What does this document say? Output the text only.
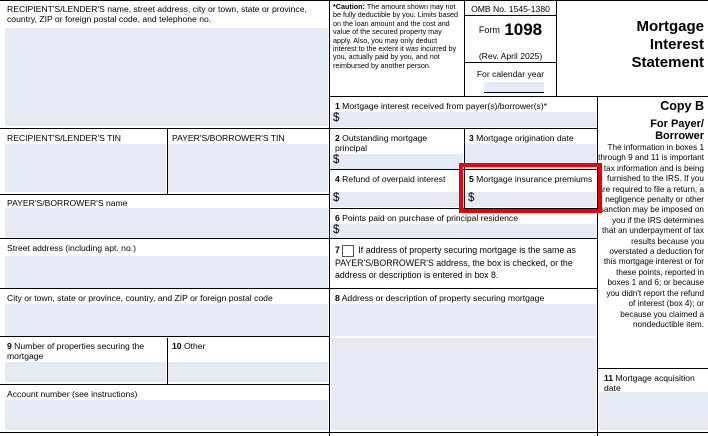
RECIPIENT'S/LENDER'S name, street address, city or town, state or province, country, ZIP or foreign postal code, and telephone no.
*Caution: The amount shown may not be fully deductible by you. Limits based on the loan amount and the cost and value of the secured property may apply. Also, you may only deduct interest to the extent it was incurred by you, actually paid by you, and not reimbursed by another person.
OMB No. 1545-1380
Form 1098
(Rev. April 2025)
For calendar year
Mortgage
Interest
Statement
1 Mortgage interest received from payer(s)/borrower(s)*
$
RECIPIENT'S/LENDER'S TIN	PAYER'S/BORROWER'S TIN	2 Outstanding mortgage principal
$
3 Mortgage origination date
4 Refund of overpaid interest
$
5 Mortgage insurance premiums
$
PAYER'S/BORROWER'S name
6 Points paid on purchase of principal residence
$
Street address (including apt. no.)	7 If address of property securing mortgage is the same as PAYER'S/BORROWER'S address, the box is checked, or the address or description is entered in box 8.
City or town, state or province, country, and ZIP or foreign postal code	8 Address or description of property securing mortgage
9 Number of properties securing the mortgage
10 Other
Account number (see instructions)
Copy B
For Payer/
Borrower
The information in boxes 1 through 9 and 11 is important tax information and is being furnished to the IRS. If you are required to file a return, a negligence penalty or other sanction may be imposed on you if the IRS determines that an underpayment of tax results because you overstated a deduction for this mortgage interest or for these points, reported in boxes 1 and 6; or because you didn't report the refund of interest (box 4); or because you claimed a nondeductible item.
11 Mortgage acquisition date
